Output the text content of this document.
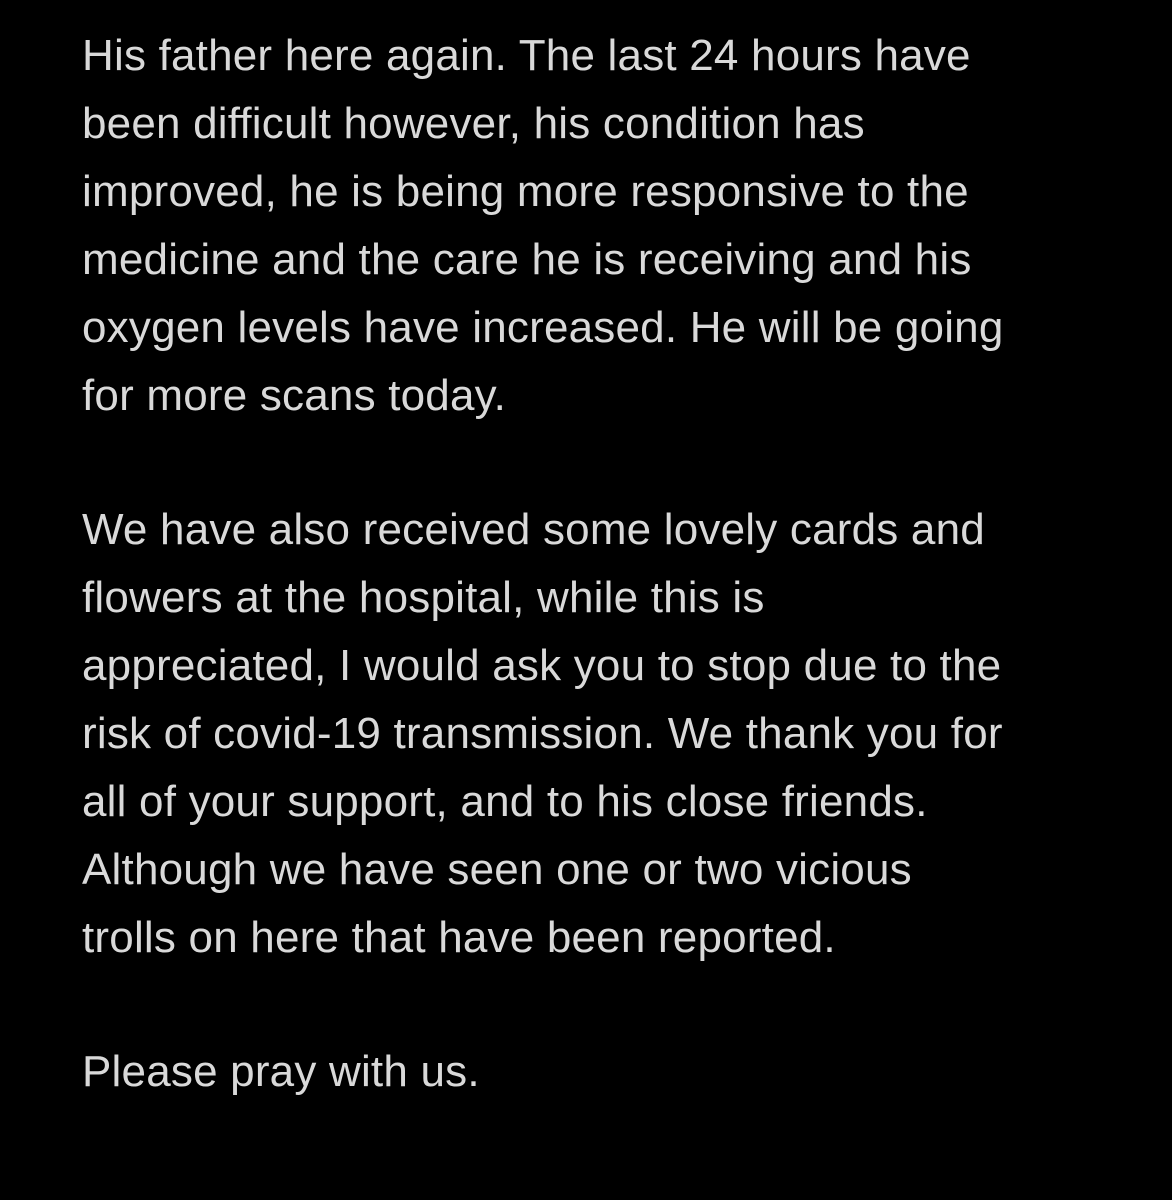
His father here again. The last 24 hours have
been difficult however, his condition has
improved, he is being more responsive to the
medicine and the care he is receiving and his
oxygen levels have increased. He will be going
for more scans today.
We have also received some lovely cards and
flowers at the hospital, while this is
appreciated, I would ask you to stop due to the
risk of covid-19 transmission. We thank you for
all of your support, and to his close friends.
Although we have seen one or two vicious
trolls on here that have been reported.
Please pray with us.
